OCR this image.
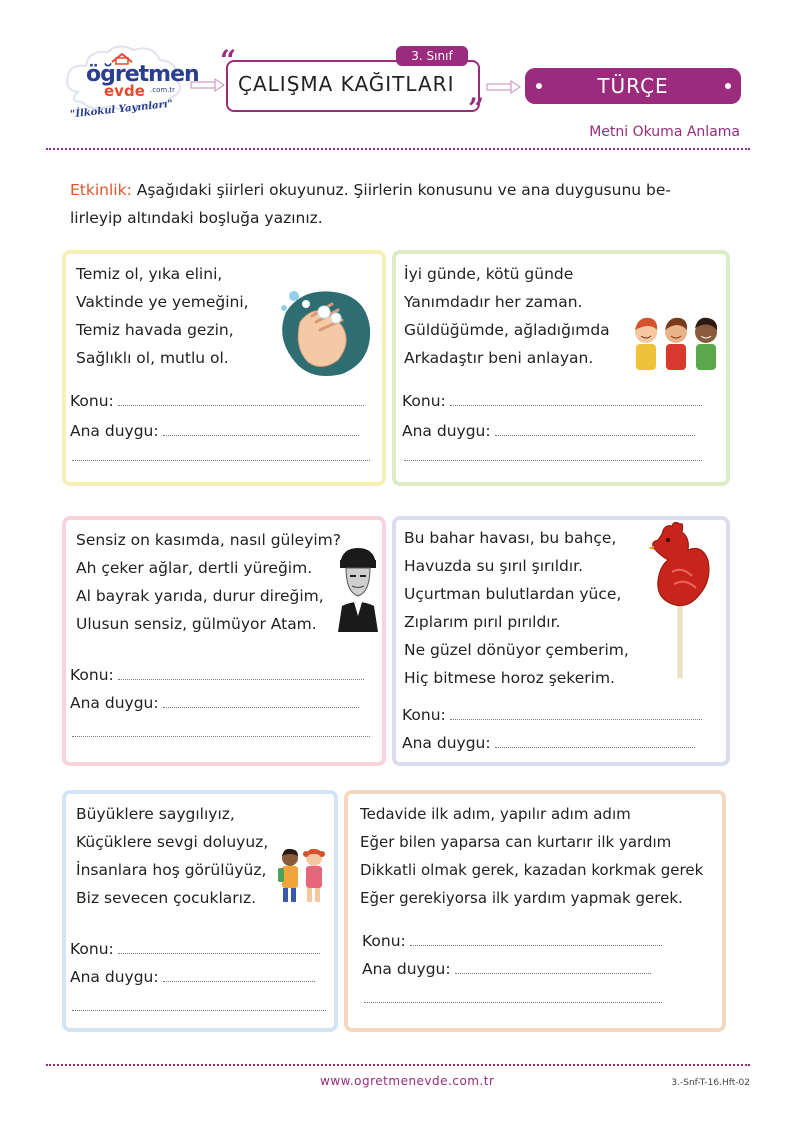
öğretmen
evde .com.tr
"İlkokul Yayınları"
3. Sınıf
“
”
ÇALIŞMA KAĞITLARI	TÜRÇE
Metni Okuma Anlama
Etkinlik: Aşağıdaki şiirleri okuyunuz. Şiirlerin konusunu ve ana duygusunu be-
lirleyip altındaki boşluğa yazınız.
Temiz ol, yıka elini,
Vaktinde ye yemeğini,
Temiz havada gezin,
Sağlıklı ol, mutlu ol.
Konu:
Ana duygu:
İyi günde, kötü günde
Yanımdadır her zaman.
Güldüğümde, ağladığımda
Arkadaştır beni anlayan.
Konu:
Ana duygu:
Sensiz on kasımda, nasıl güleyim?
Ah çeker ağlar, dertli yüreğim.
Al bayrak yarıda, durur direğim,
Ulusun sensiz, gülmüyor Atam.
Konu:
Ana duygu:
Bu bahar havası, bu bahçe,
Havuzda su şırıl şırıldır.
Uçurtman bulutlardan yüce,
Zıplarım pırıl pırıldır.
Ne güzel dönüyor çemberim,
Hiç bitmese horoz şekerim.
Konu:
Ana duygu:
Büyüklere saygılıyız,
Küçüklere sevgi doluyuz,
İnsanlara hoş görülüyüz,
Biz sevecen çocuklarız.
Konu:
Ana duygu:
Tedavide ilk adım, yapılır adım adım
Eğer bilen yaparsa can kurtarır ilk yardım
Dikkatli olmak gerek, kazadan korkmak gerek
Eğer gerekiyorsa ilk yardım yapmak gerek.
Konu:
Ana duygu:
www.ogretmenevde.com.tr	3.-Snf-T-16.Hft-02
